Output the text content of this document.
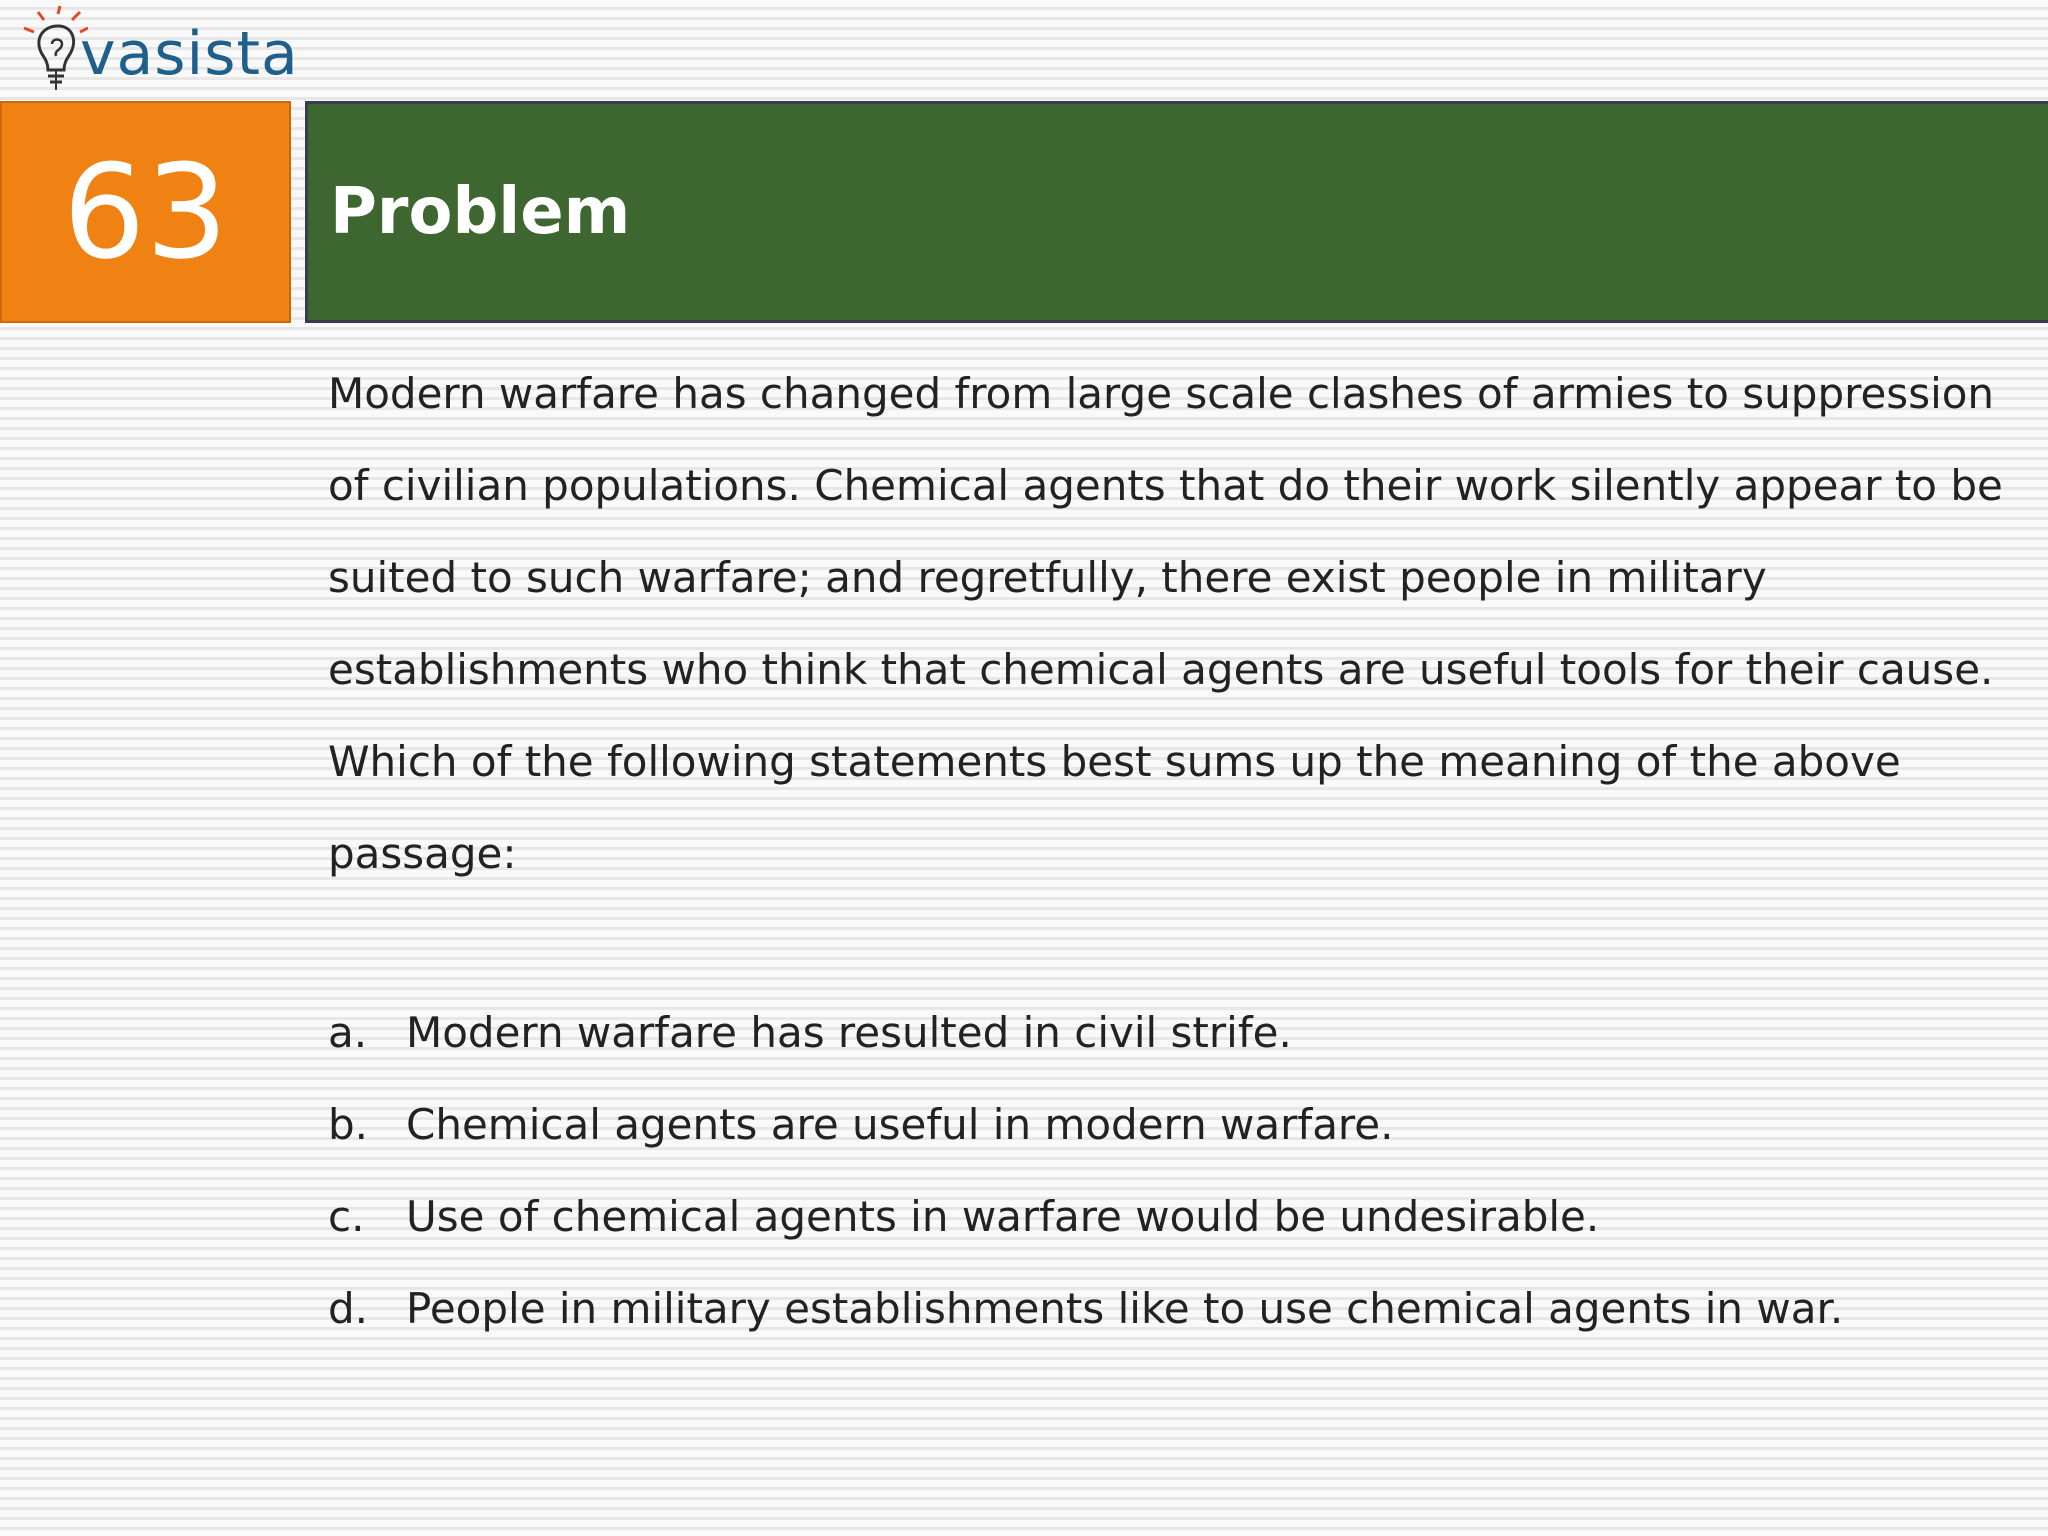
vasista
63 Problem

Modern warfare has changed from large scale clashes of armies to suppression of civilian populations. Chemical agents that do their work silently appear to be suited to such warfare; and regretfully, there exist people in military establishments who think that chemical agents are useful tools for their cause. Which of the following statements best sums up the meaning of the above passage:

a. Modern warfare has resulted in civil strife.
b. Chemical agents are useful in modern warfare.
c. Use of chemical agents in warfare would be undesirable.
d. People in military establishments like to use chemical agents in war.
